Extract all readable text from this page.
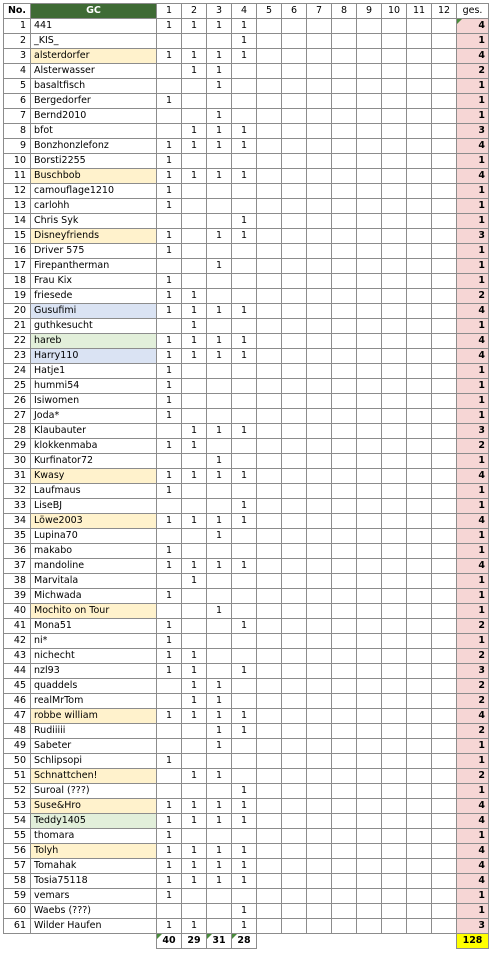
No.	GC	1	2	3	4	5	6	7	8	9	10	11	12	ges.
1	441	1	1	1	1									4
2	_KIS_				1									1
3	alsterdorfer	1	1	1	1									4
4	Alsterwasser		1	1										2
5	basaltfisch			1										1
6	Bergedorfer	1												1
7	Bernd2010			1										1
8	bfot		1	1	1									3
9	Bonzhonzlefonz	1	1	1	1									4
10	Borsti2255	1												1
11	Buschbob	1	1	1	1									4
12	camouflage1210	1												1
13	carlohh	1												1
14	Chris Syk				1									1
15	Disneyfriends	1		1	1									3
16	Driver 575	1												1
17	Firepantherman			1										1
18	Frau Kix	1												1
19	friesede	1	1											2
20	Gusufimi	1	1	1	1									4
21	guthkesucht		1											1
22	hareb	1	1	1	1									4
23	Harry110	1	1	1	1									4
24	Hatje1	1												1
25	hummi54	1												1
26	Isiwomen	1												1
27	Joda*	1												1
28	Klaubauter		1	1	1									3
29	klokkenmaba	1	1											2
30	Kurfinator72			1										1
31	Kwasy	1	1	1	1									4
32	Laufmaus	1												1
33	LiseBJ				1									1
34	Löwe2003	1	1	1	1									4
35	Lupina70			1										1
36	makabo	1												1
37	mandoline	1	1	1	1									4
38	Marvitala		1											1
39	Michwada	1												1
40	Mochito on Tour			1										1
41	Mona51	1			1									2
42	ni*	1												1
43	nichecht	1	1											2
44	nzl93	1	1		1									3
45	quaddels		1	1										2
46	realMrTom		1	1										2
47	robbe william	1	1	1	1									4
48	Rudiiiii			1	1									2
49	Sabeter			1										1
50	Schlipsopi	1												1
51	Schnattchen!		1	1										2
52	Suroal (???)				1									1
53	Suse&Hro	1	1	1	1									4
54	Teddy1405	1	1	1	1									4
55	thomara	1												1
56	Tolyh	1	1	1	1									4
57	Tomahak	1	1	1	1									4
58	Tosia75118	1	1	1	1									4
59	vemars	1												1
60	Waebs (???)				1									1
61	Wilder Haufen	1	1		1									3
		40	29	31	28									128
